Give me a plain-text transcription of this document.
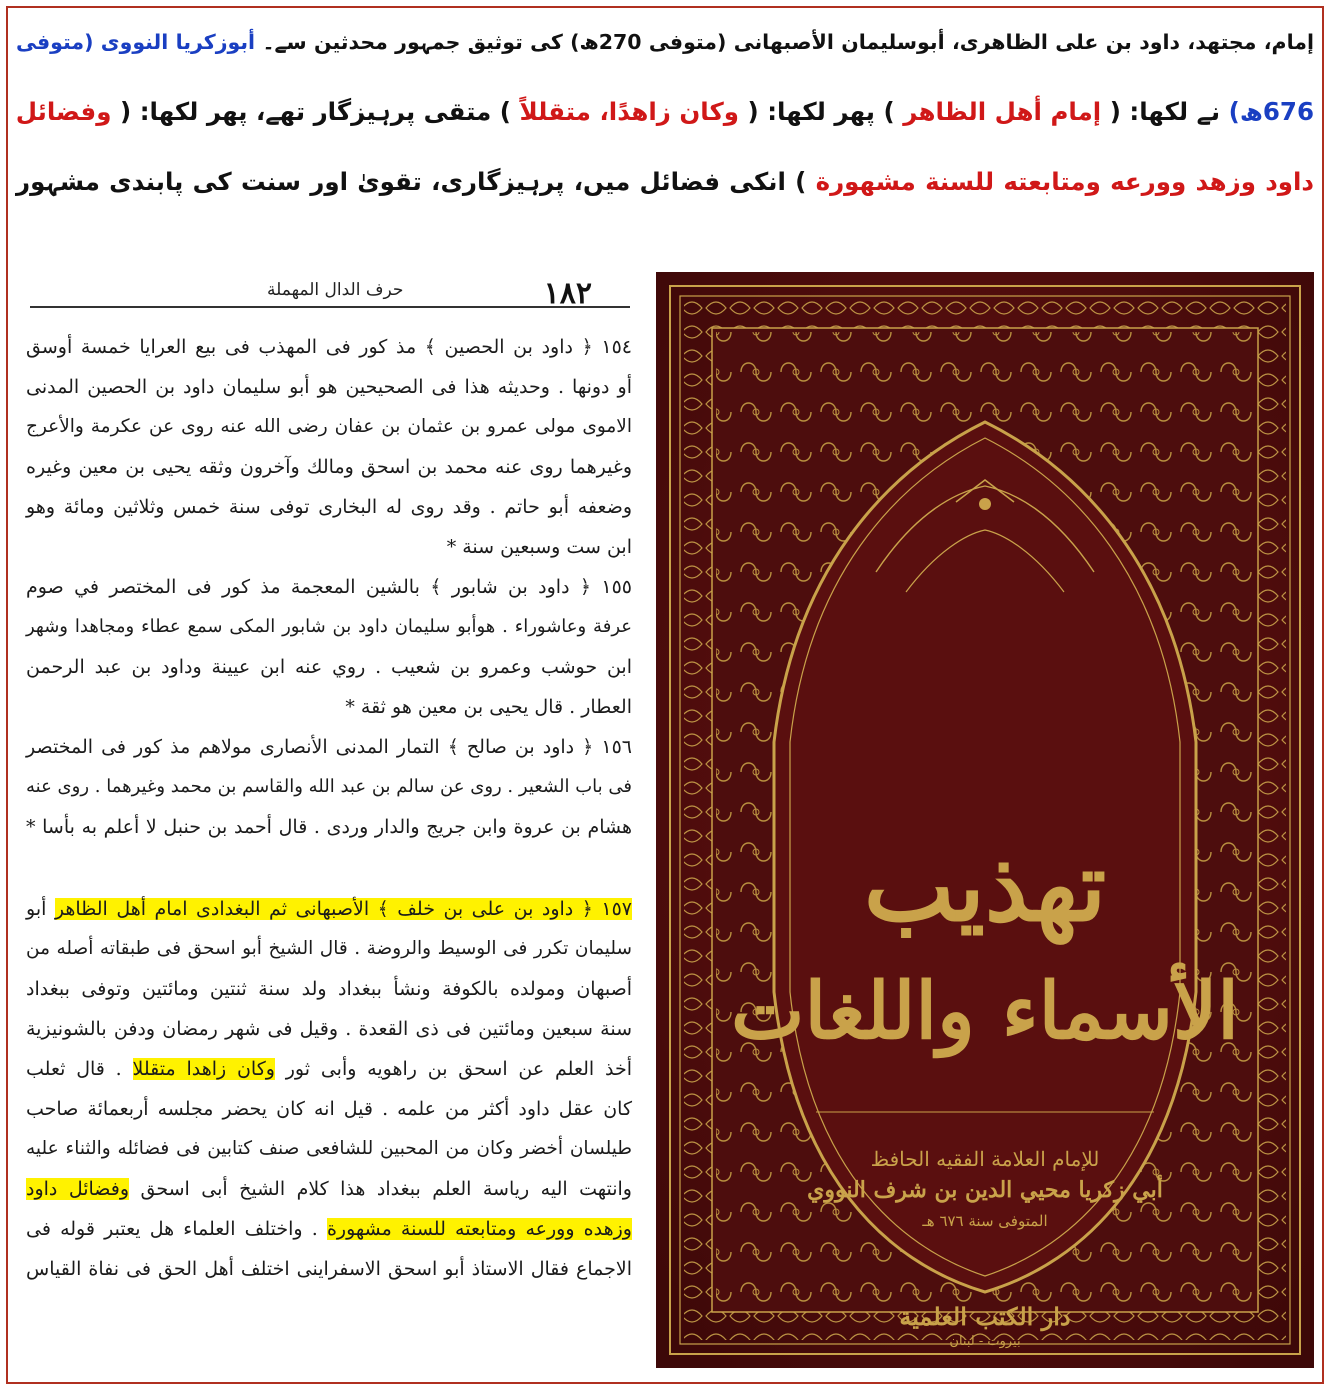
إمام، مجتهد، داود بن علی الظاهری، أبوسلیمان الأصبھانی (متوفی 270ھ) کی توثیق جمہور محدثین سے۔ أبوزکریا النووی (متوفی
676ھ) نے لکھا: ( إمام أهل الظاهر ) پھر لکھا: ( وكان زاهدًا، متقللاً ) متقی پرہیزگار تھے، پھر لکھا: ( وفضائل
داود وزهد وورعه ومتابعته للسنة مشهورة ) انکی فضائل میں، پرہیزگاری، تقویٰ اور سنت کی پابندی مشہور
١٨٢
حرف الدال المهملة
١٥٤ ﴿ داود بن الحصين ﴾ مذ كور فى المهذب فى بيع العرايا خمسة أوسق
أو دونها . وحديثه هذا فى الصحيحين هو أبو سليمان داود بن الحصين المدنى
الاموى مولى عمرو بن عثمان بن عفان رضى الله عنه روى عن عكرمة والأعرج
وغيرهما روى عنه محمد بن اسحق ومالك وآخرون وثقه يحيى بن معين وغيره
وضعفه أبو حاتم . وقد روى له البخارى توفى سنة خمس وثلاثين ومائة وهو
ابن ست وسبعين سنة *
١٥٥ ﴿ داود بن شابور ﴾ بالشين المعجمة مذ كور فى المختصر في صوم
عرفة وعاشوراء . هوأبو سليمان داود بن شابور المكى سمع عطاء ومجاهدا وشهر
ابن حوشب وعمرو بن شعيب . روي عنه ابن عيينة وداود بن عبد الرحمن
العطار . قال يحيى بن معين هو ثقة *
١٥٦ ﴿ داود بن صالح ﴾ التمار المدنى الأنصارى مولاهم مذ كور فى المختصر
فى باب الشعير . روى عن سالم بن عبد الله والقاسم بن محمد وغيرهما . روى عنه
هشام بن عروة وابن جريج والدار وردى . قال أحمد بن حنبل لا أعلم به بأسا *
١٥٧ ﴿ داود بن على بن خلف ﴾ الأصبهانى ثم البغدادى امام أهل الظاهر أبو
سليمان تكرر فى الوسيط والروضة . قال الشيخ أبو اسحق فى طبقاته أصله من
أصبهان ومولده بالكوفة ونشأ ببغداد ولد سنة ثنتين ومائتين وتوفى ببغداد
سنة سبعين ومائتين فى ذى القعدة . وقيل فى شهر رمضان ودفن بالشونيزية
أخذ العلم عن اسحق بن راهويه وأبى ثور وكان زاهدا متقللا . قال ثعلب
كان عقل داود أكثر من علمه . قيل انه كان يحضر مجلسه أربعمائة صاحب
طيلسان أخضر وكان من المحبين للشافعى صنف كتابين فى فضائله والثناء عليه
وانتهت اليه رياسة العلم ببغداد هذا كلام الشيخ أبى اسحق وفضائل داود
وزهده وورعه ومتابعته للسنة مشهورة . واختلف العلماء هل يعتبر قوله فى
الاجماع فقال الاستاذ أبو اسحق الاسفراينى اختلف أهل الحق فى نفاة القياس
تهذيب
الأسماء واللغات
للإمام العلامة الفقيه الحافظ
أبي زكريا محيي الدين بن شرف النووي
المتوفى سنة ٦٧٦ هـ
دار الكتب العلمية
بيروت - لبنان
